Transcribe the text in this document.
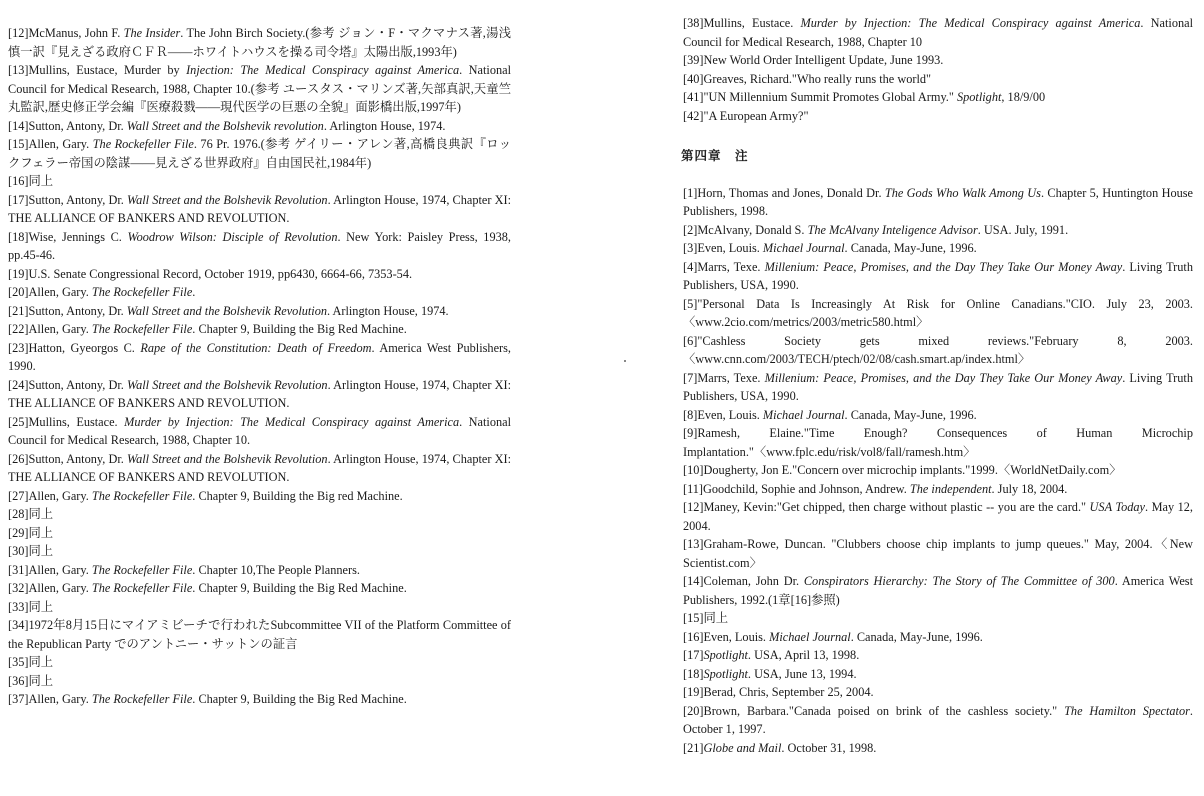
[12]McManus, John F. The Insider. The John Birch Society.(参考 ジョン・F・マクマナス著,湯浅慎一訳『見えざる政府ＣＦＲ――ホワイトハウスを操る司令塔』太陽出版,1993年)

[13]Mullins, Eustace, Murder by Injection: The Medical Conspiracy against America. National Council for Medical Research, 1988, Chapter 10.(参考 ユースタス・マリンズ著,矢部真訳,天童竺丸監訳,歴史修正学会編『医療殺戮――現代医学の巨悪の全貌』面影橋出版,1997年)

[14]Sutton, Antony, Dr. Wall Street and the Bolshevik revolution. Arlington House, 1974.

[15]Allen, Gary. The Rockefeller File. 76 Pr. 1976.(参考 ゲイリー・アレン著,高橋良典訳『ロックフェラー帝国の陰謀――見えざる世界政府』自由国民社,1984年)

[16]同上

[17]Sutton, Antony, Dr. Wall Street and the Bolshevik Revolution. Arlington House, 1974, Chapter XI: THE ALLIANCE OF BANKERS AND REVOLUTION.

[18]Wise, Jennings C. Woodrow Wilson: Disciple of Revolution. New York: Paisley Press, 1938, pp.45-46.

[19]U.S. Senate Congressional Record, October 1919, pp6430, 6664-66, 7353-54.

[20]Allen, Gary. The Rockefeller File.

[21]Sutton, Antony, Dr. Wall Street and the Bolshevik Revolution. Arlington House, 1974.

[22]Allen, Gary. The Rockefeller File. Chapter 9, Building the Big Red Machine.

[23]Hatton, Gyeorgos C. Rape of the Constitution: Death of Freedom. America West Publishers, 1990.

[24]Sutton, Antony, Dr. Wall Street and the Bolshevik Revolution. Arlington House, 1974, Chapter XI: THE ALLIANCE OF BANKERS AND REVOLUTION.

[25]Mullins, Eustace. Murder by Injection: The Medical Conspiracy against America. National Council for Medical Research, 1988, Chapter 10.

[26]Sutton, Antony, Dr. Wall Street and the Bolshevik Revolution. Arlington House, 1974, Chapter XI: THE ALLIANCE OF BANKERS AND REVOLUTION.

[27]Allen, Gary. The Rockefeller File. Chapter 9, Building the Big red Machine.

[28]同上

[29]同上

[30]同上

[31]Allen, Gary. The Rockefeller File. Chapter 10,The People Planners.

[32]Allen, Gary. The Rockefeller File. Chapter 9, Building the Big Red Machine.

[33]同上

[34]1972年8月15日にマイアミビーチで行われたSubcommittee VII of the Platform Committee of the Republican Party でのアントニー・サットンの証言

[35]同上

[36]同上

[37]Allen, Gary. The Rockefeller File. Chapter 9, Building the Big Red Machine.

[38]Mullins, Eustace. Murder by Injection: The Medical Conspiracy against America. National Council for Medical Research, 1988, Chapter 10

[39]New World Order Intelligent Update, June 1993.

[40]Greaves, Richard."Who really runs the world"

[41]"UN Millennium Summit Promotes Global Army." Spotlight, 18/9/00

[42]"A European Army?"

第四章　注

[1]Horn, Thomas and Jones, Donald Dr. The Gods Who Walk Among Us. Chapter 5, Huntington House Publishers, 1998.

[2]McAlvany, Donald S. The McAlvany Inteligence Advisor. USA. July, 1991.

[3]Even, Louis. Michael Journal. Canada, May-June, 1996.

[4]Marrs, Texe. Millenium: Peace, Promises, and the Day They Take Our Money Away. Living Truth Publishers, USA, 1990.

[5]"Personal Data Is Increasingly At Risk for Online Canadians."CIO. July 23, 2003.〈www.2cio.com/metrics/2003/metric580.html〉

[6]"Cashless Society gets mixed reviews."February 8, 2003.〈www.cnn.com/2003/TECH/ptech/02/08/cash.smart.ap/index.html〉

[7]Marrs, Texe. Millenium: Peace, Promises, and the Day They Take Our Money Away. Living Truth Publishers, USA, 1990.

[8]Even, Louis. Michael Journal. Canada, May-June, 1996.

[9]Ramesh, Elaine."Time Enough? Consequences of Human Microchip Implantation."〈www.fplc.edu/risk/vol8/fall/ramesh.htm〉

[10]Dougherty, Jon E."Concern over microchip implants."1999.〈WorldNetDaily.com〉

[11]Goodchild, Sophie and Johnson, Andrew. The independent. July 18, 2004.

[12]Maney, Kevin:"Get chipped, then charge without plastic -- you are the card." USA Today. May 12, 2004.

[13]Graham-Rowe, Duncan. "Clubbers choose chip implants to jump queues." May, 2004.〈New Scientist.com〉

[14]Coleman, John Dr. Conspirators Hierarchy: The Story of The Committee of 300. America West Publishers, 1992.(1章[16]参照)

[15]同上

[16]Even, Louis. Michael Journal. Canada, May-June, 1996.

[17]Spotlight. USA, April 13, 1998.

[18]Spotlight. USA, June 13, 1994.

[19]Berad, Chris, September 25, 2004.

[20]Brown, Barbara."Canada poised on brink of the cashless society." The Hamilton Spectator. October 1, 1997.

[21]Globe and Mail. October 31, 1998.
